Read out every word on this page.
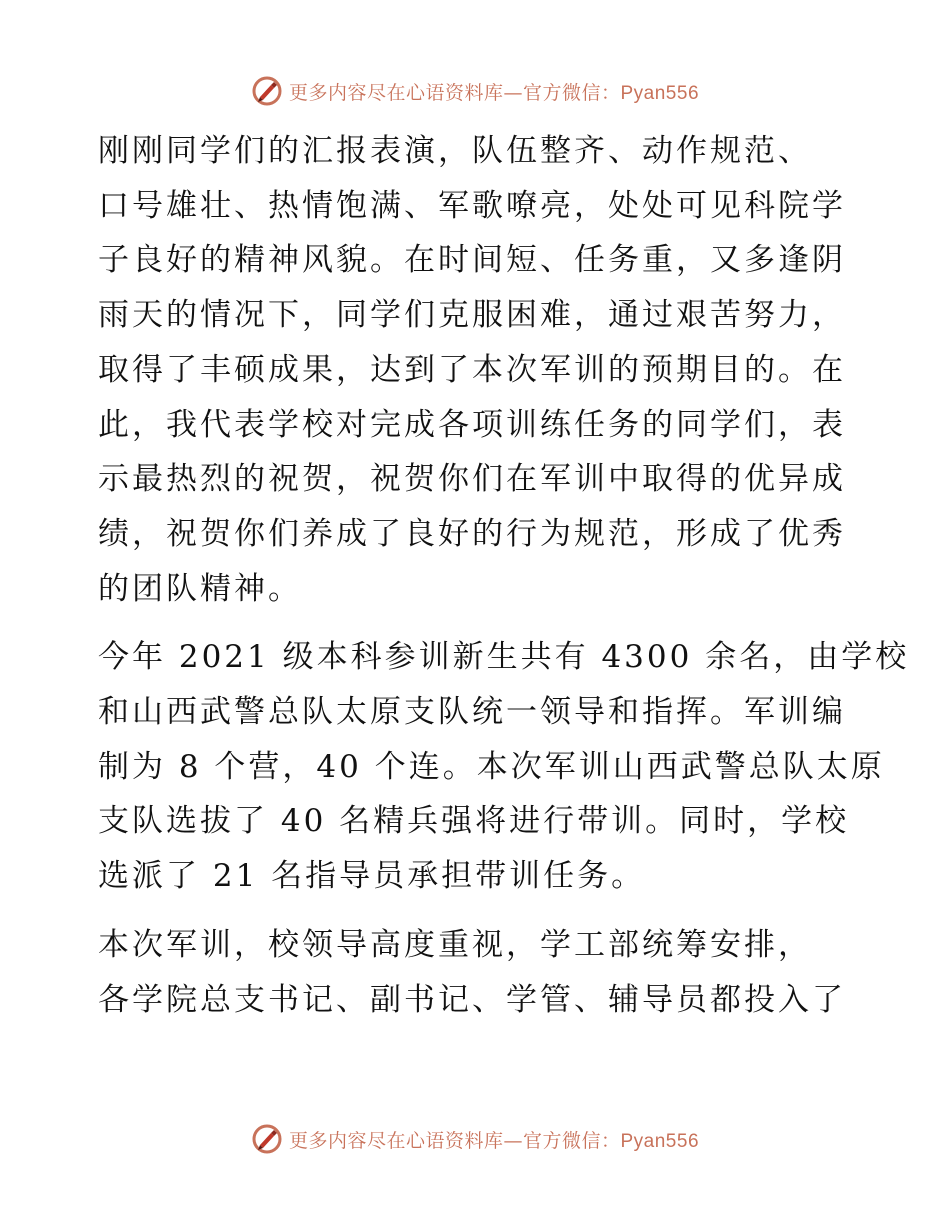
更多内容尽在心语资料库—官方微信：Pyan556

刚刚同学们的汇报表演，队伍整齐、动作规范、
口号雄壮、热情饱满、军歌嘹亮，处处可见科院学
子良好的精神风貌。在时间短、任务重，又多逢阴
雨天的情况下，同学们克服困难，通过艰苦努力，
取得了丰硕成果，达到了本次军训的预期目的。在
此，我代表学校对完成各项训练任务的同学们，表
示最热烈的祝贺，祝贺你们在军训中取得的优异成
绩，祝贺你们养成了良好的行为规范，形成了优秀
的团队精神。

今年 2021 级本科参训新生共有 4300 余名，由学校
和山西武警总队太原支队统一领导和指挥。军训编
制为 8 个营，40 个连。本次军训山西武警总队太原
支队选拔了 40 名精兵强将进行带训。同时，学校
选派了 21 名指导员承担带训任务。

本次军训，校领导高度重视，学工部统筹安排，
各学院总支书记、副书记、学管、辅导员都投入了

更多内容尽在心语资料库—官方微信：Pyan556
